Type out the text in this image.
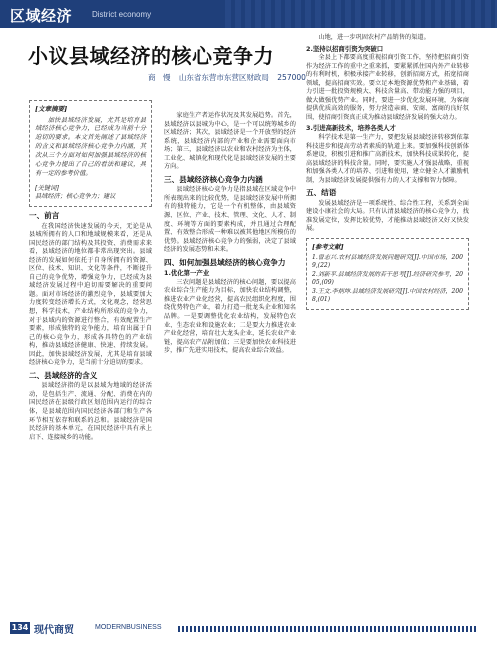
区域经济 District economy
小议县域经济的核心竞争力
商　慢 山东省东营市东营区财政局 257000
[文章摘要]
加快县域经济发展，尤其是培育县域经济核心竞争力，已经成为当前十分迫切的要求。本文首先阐述了县域经济的含义和县域经济核心竞争力内涵，其次从三个方面对如何加强县域经济的核心竞争力提出了自己的看法和建议，具有一定的参考价值。
[关键词]
县域经济；核心竞争力；建议
一、前言

在我国经济快速发展的今天，无论是从县城所拥有的人口和地域规模来看，还是从国民经济的部门结构及其投资、消费需求来看，县域经济的地位都非常出现突出。县域经济的发展如何依托于自身所拥有的资源、区位、技术、知识、文化等条件，不断提升自己的竞争优势，增强竞争力，已经成为县域经济发展过程中迫切需要解决的重要问题。面对市场经济的激烈竞争，县域要加大力度转变经济增长方式，文化观念，经营思想，科学技术，产业结构所形成的竞争力，对于县域内的资源进行整合，有效配置生产要素，形成独特的竞争能力，培育出属于自己的核心竞争力，形成各具特色的产业结构，推动县域经济健康、快速、持续发展。因此，加快县域经济发展，尤其是培育县域经济核心竞争力，是当前十分迫切的要求。

二、县域经济的含义

县域经济指的是以县域为地域的经济活动，是包括生产、流通、分配、消费在内的国民经济在县级行政区划范围内运行的综合体，是县域范围内国民经济各部门和生产各环节相互依存和联系的总和。县域经济是国民经济的基本单元，在国民经济中具有承上启下、连接城乡的功能。

家庭生产者运作状况及其发展趋势。首先，县域经济以县城为中心，是一个可以统筹城乡的区域经济；其次，县域经济是一个开放型的经济系统，县域经济内部的产业和企业需要面向市场；第三，县域经济以农业和农村经济为主体，工业化、城镇化和现代化是县域经济发展的主要方向。

三、县域经济核心竞争力内涵

县域经济核心竞争力是指县域在区域竞争中所表现出来的比较优势，是县域经济发展中所拥有的独特能力，它是一个有机整体，由县域资源、区位、产业、技术、管理、文化、人才、制度、环境等方面的要素构成，并且通过合理配置、有效整合形成一种难以被其他地区所模仿的优势。县域经济核心竞争力的强弱，决定了县域经济的发展态势和未来。

四、如何加强县域经济的核心竞争力
1.优化第一产业

三农问题是县域经济的核心问题，要以提高农业综合生产能力为目标，加快农业结构调整，推进农业产业化经营，提高农民组织化程度，围绕优势特色产业，着力打造一批龙头企业和知名品牌。一是要调整优化农业结构，发展特色农业、生态农业和设施农业；二是要大力推进农业产业化经营，培育壮大龙头企业，延长农业产业链，提高农产品附加值；三是要加快农业科技进步，推广先进实用技术，提高农业综合效益。

山地，进一步巩固农村产品销售的渠道。

2.坚持以招商引资为突破口

全县上下都要高度重视招商引资工作，坚持把招商引资作为经济工作的重中之重来抓，要紧紧抓住国内外产业转移的有利时机，积极承接产业转移，创新招商方式，拓宽招商领域，提高招商实效。要立足本地资源优势和产业基础，着力引进一批投资规模大、科技含量高、带动能力强的项目，做大做强优势产业。同时，要进一步优化发展环境，为客商提供优质高效的服务，努力营造亲商、安商、富商的良好氛围，使招商引资真正成为推动县域经济发展的强大动力。

3.引进高新技术，培养各类人才

科学技术是第一生产力，要把发展县域经济转移到依靠科技进步和提高劳动者素质的轨道上来。要加强科技创新体系建设，积极引进和推广高新技术，加快科技成果转化，提高县域经济的科技含量。同时，要实施人才强县战略，重视和加强各类人才的培养、引进和使用，建立健全人才激励机制，为县域经济发展提供强有力的人才支撑和智力保障。

五、结语

发展县域经济是一项系统性、综合性工程，关系到全面建设小康社会的大局。只有认清县域经济的核心竞争力，找准发展定位，发挥比较优势，才能推动县域经济又好又快发展。

[参考文献]
1.曾志兴.农村县域经济发展问题研究[J].中国市场，2009,(22)
2.刘新平.县域经济发展的若干思考[J].经济研究参考，2005,(09)
3.王文.李炳坤.县域经济发展研究[J].中国农村经济，2008,(01)
134 现代商贸	MODERNBUSINESS
